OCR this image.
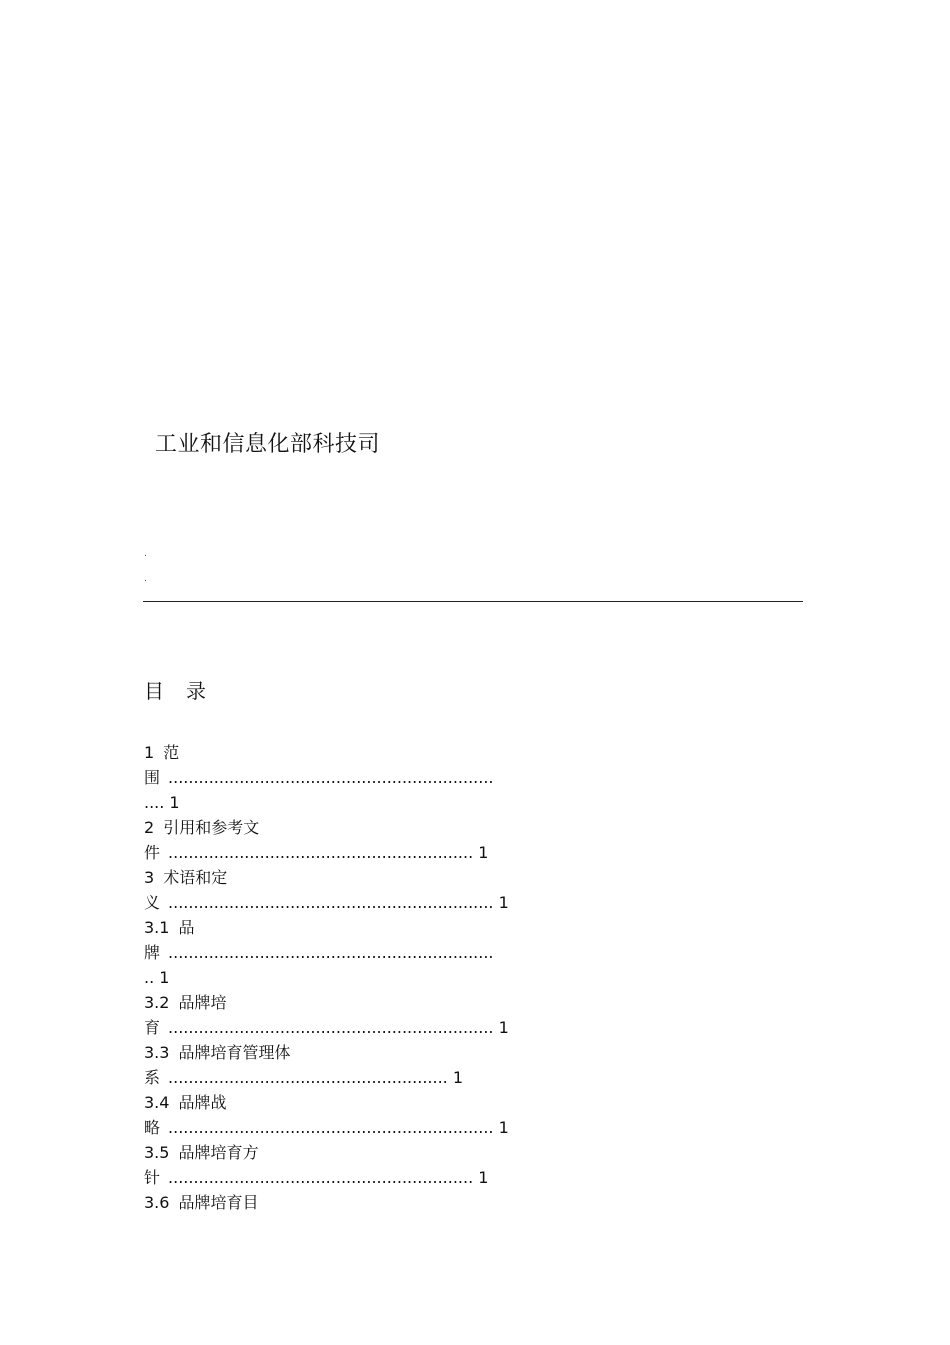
工业和信息化部科技司
.
.
目 录
1 范
围 ................................................................
.... 1
2 引用和参考文
件 ............................................................ 1
3 术语和定
义 ................................................................ 1
3.1 品
牌 ................................................................
.. 1
3.2 品牌培
育 ................................................................ 1
3.3 品牌培育管理体
系 ....................................................... 1
3.4 品牌战
略 ................................................................ 1
3.5 品牌培育方
针 ............................................................ 1
3.6 品牌培育目
